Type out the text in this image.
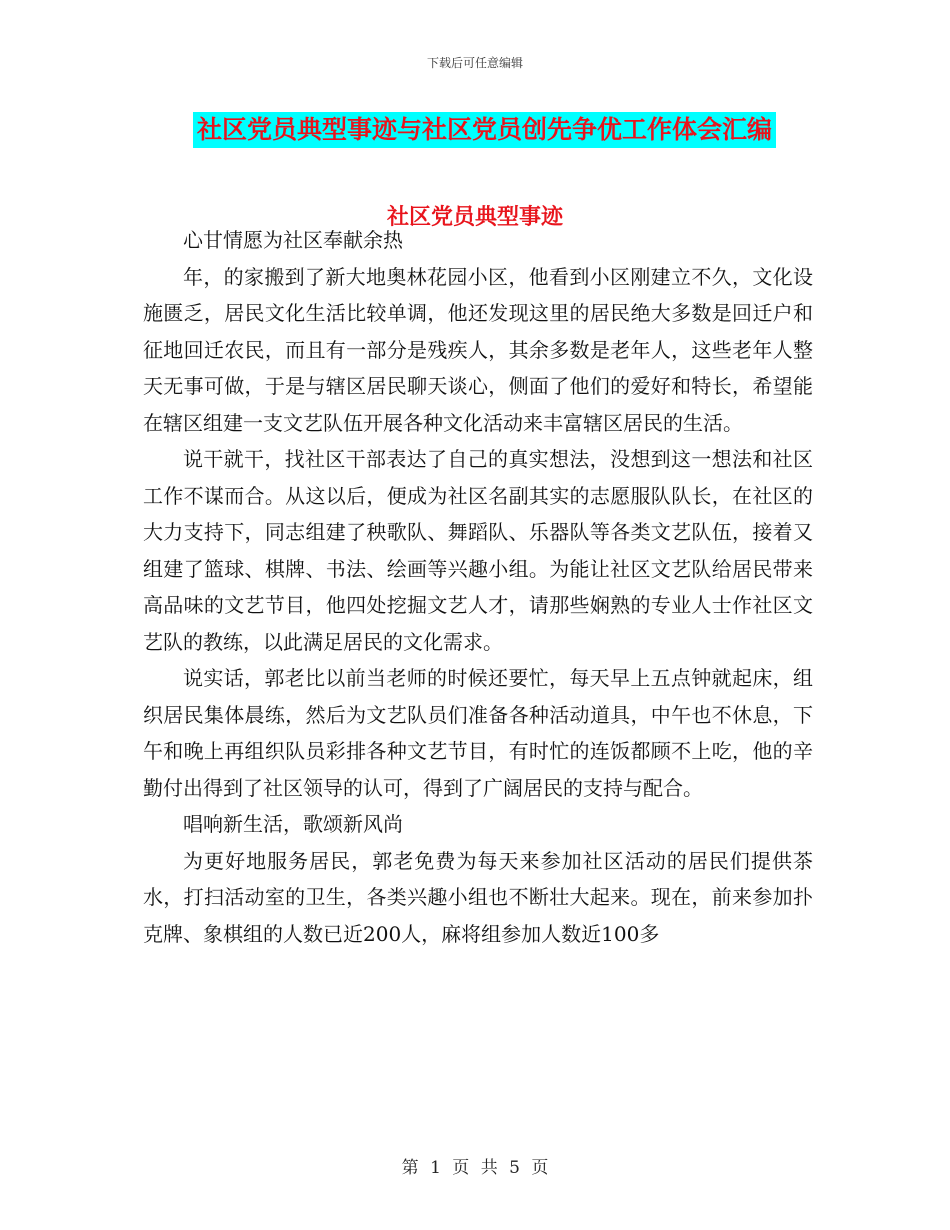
下载后可任意编辑
社区党员典型事迹与社区党员创先争优工作体会汇编
社区党员典型事迹

心甘情愿为社区奉献余热

年，的家搬到了新大地奥林花园小区，他看到小区刚建立不久，文化设施匮乏，居民文化生活比较单调，他还发现这里的居民绝大多数是回迁户和征地回迁农民，而且有一部分是残疾人，其余多数是老年人，这些老年人整天无事可做，于是与辖区居民聊天谈心，侧面了他们的爱好和特长，希望能在辖区组建一支文艺队伍开展各种文化活动来丰富辖区居民的生活。

说干就干，找社区干部表达了自己的真实想法，没想到这一想法和社区工作不谋而合。从这以后，便成为社区名副其实的志愿服队队长，在社区的大力支持下，同志组建了秧歌队、舞蹈队、乐器队等各类文艺队伍，接着又组建了篮球、棋牌、书法、绘画等兴趣小组。为能让社区文艺队给居民带来高品味的文艺节目，他四处挖掘文艺人才，请那些娴熟的专业人士作社区文艺队的教练，以此满足居民的文化需求。

说实话，郭老比以前当老师的时候还要忙，每天早上五点钟就起床，组织居民集体晨练，然后为文艺队员们准备各种活动道具，中午也不休息，下午和晚上再组织队员彩排各种文艺节目，有时忙的连饭都顾不上吃，他的辛勤付出得到了社区领导的认可，得到了广阔居民的支持与配合。

唱响新生活，歌颂新风尚

为更好地服务居民，郭老免费为每天来参加社区活动的居民们提供茶水，打扫活动室的卫生，各类兴趣小组也不断壮大起来。现在，前来参加扑克牌、象棋组的人数已近200人，麻将组参加人数近100多

第 1 页 共 5 页
